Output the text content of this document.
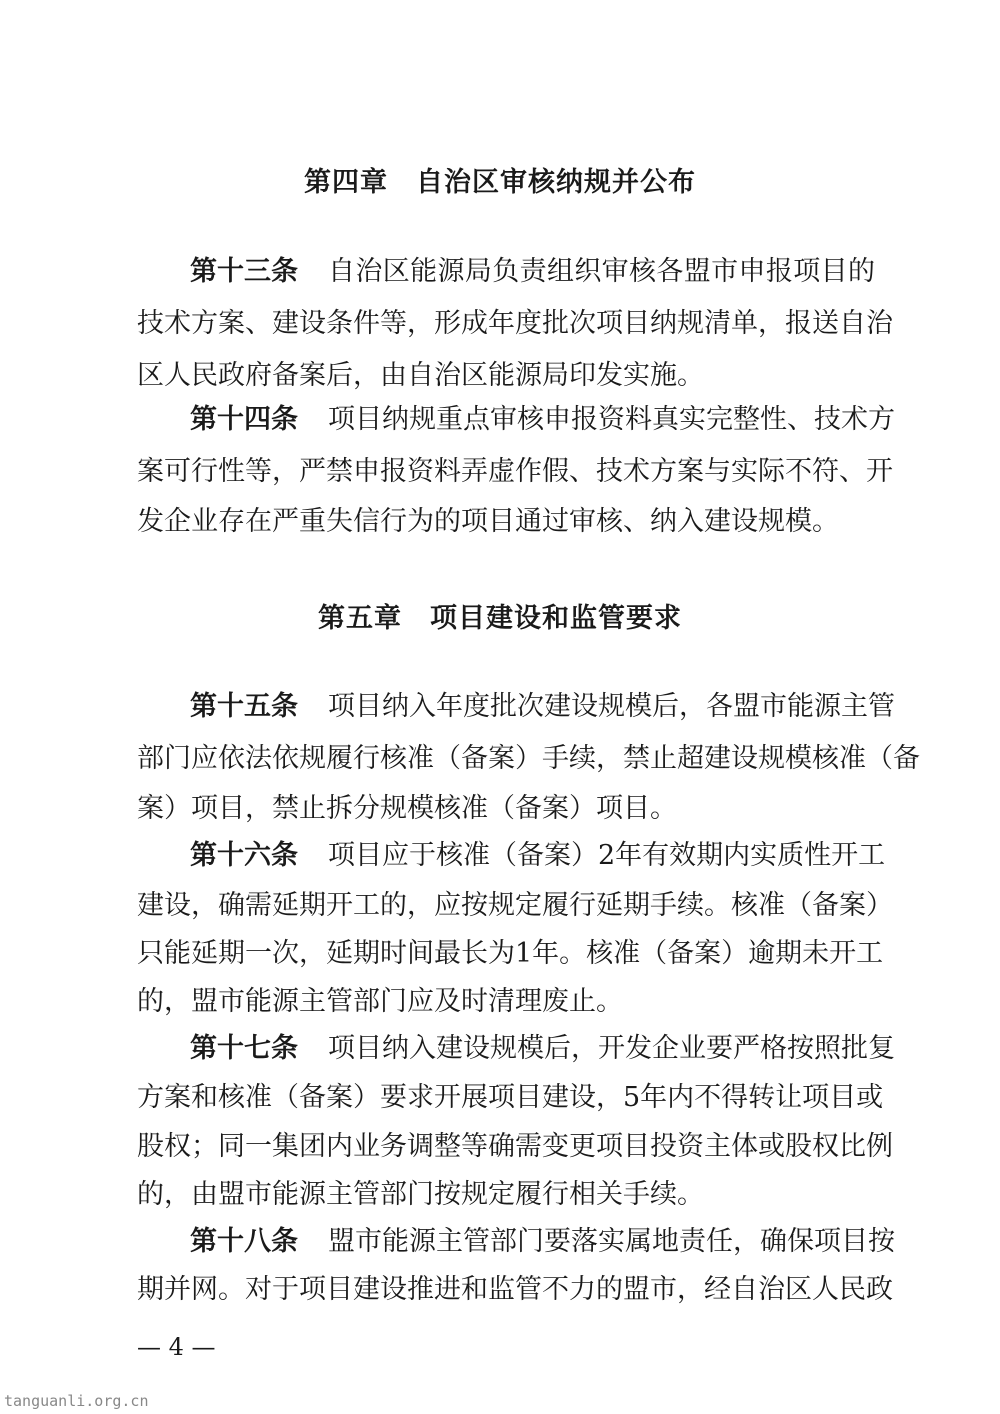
第四章　自治区审核纳规并公布
第十三条 自治区能源局负责组织审核各盟市申报项目的
技术方案、建设条件等，形成年度批次项目纳规清单，报送自治
区人民政府备案后，由自治区能源局印发实施。
第十四条 项目纳规重点审核申报资料真实完整性、技术方
案可行性等，严禁申报资料弄虚作假、技术方案与实际不符、开
发企业存在严重失信行为的项目通过审核、纳入建设规模。
第五章　项目建设和监管要求
第十五条 项目纳入年度批次建设规模后，各盟市能源主管
部门应依法依规履行核准（备案）手续，禁止超建设规模核准（备
案）项目，禁止拆分规模核准（备案）项目。
第十六条 项目应于核准（备案）2年有效期内实质性开工
建设，确需延期开工的，应按规定履行延期手续。核准（备案）
只能延期一次，延期时间最长为1年。核准（备案）逾期未开工
的，盟市能源主管部门应及时清理废止。
第十七条 项目纳入建设规模后，开发企业要严格按照批复
方案和核准（备案）要求开展项目建设，5年内不得转让项目或
股权；同一集团内业务调整等确需变更项目投资主体或股权比例
的，由盟市能源主管部门按规定履行相关手续。
第十八条 盟市能源主管部门要落实属地责任，确保项目按
期并网。对于项目建设推进和监管不力的盟市，经自治区人民政
— 4 —
tanguanli.org.cn
